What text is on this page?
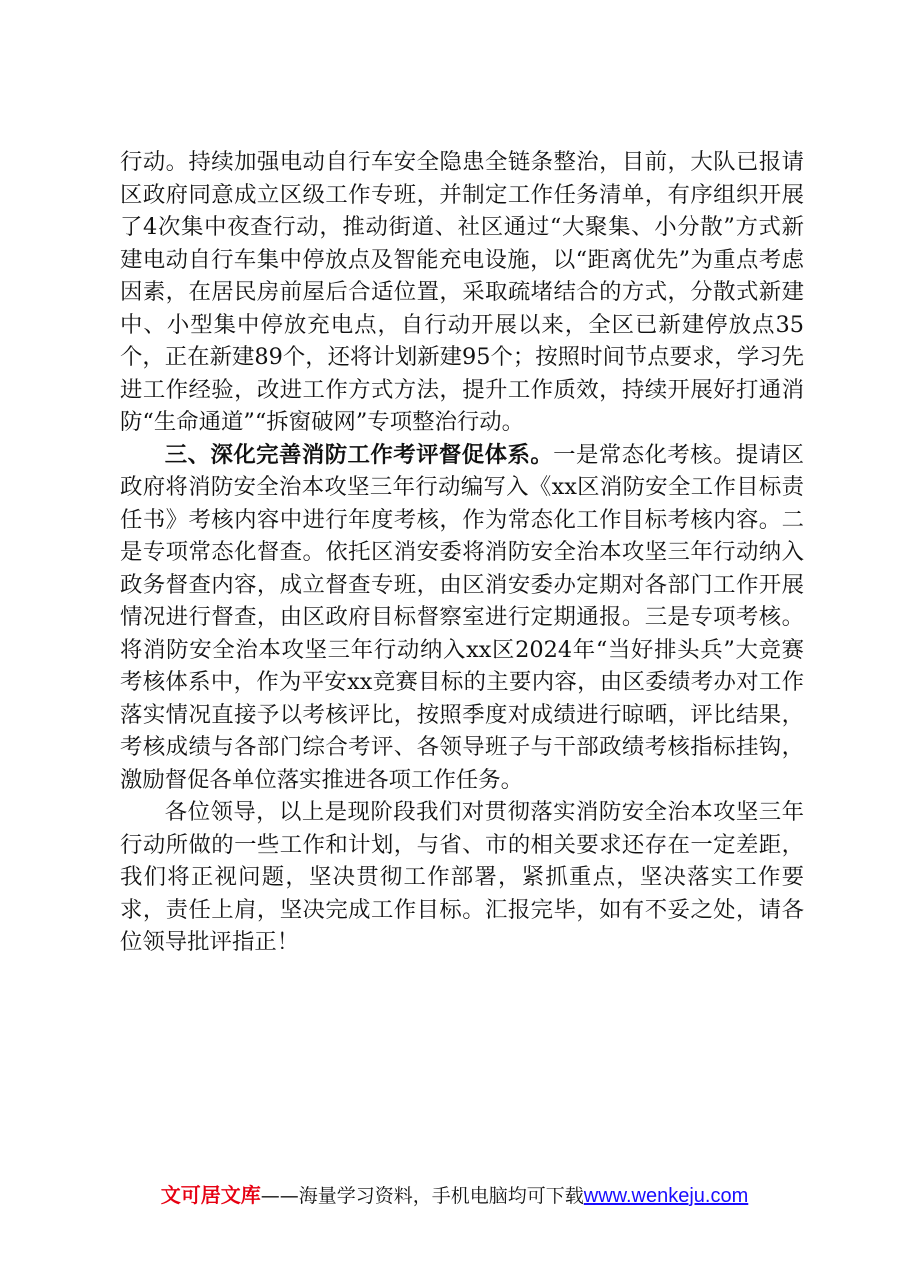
行动。持续加强电动自行车安全隐患全链条整治，目前，大队已报请区政府同意成立区级工作专班，并制定工作任务清单，有序组织开展了4次集中夜查行动，推动街道、社区通过“大聚集、小分散”方式新建电动自行车集中停放点及智能充电设施，以“距离优先”为重点考虑因素，在居民房前屋后合适位置，采取疏堵结合的方式，分散式新建中、小型集中停放充电点，自行动开展以来，全区已新建停放点35个，正在新建89个，还将计划新建95个；按照时间节点要求，学习先进工作经验，改进工作方式方法，提升工作质效，持续开展好打通消防“生命通道”“拆窗破网”专项整治行动。

三、深化完善消防工作考评督促体系。一是常态化考核。提请区政府将消防安全治本攻坚三年行动编写入《xx区消防安全工作目标责任书》考核内容中进行年度考核，作为常态化工作目标考核内容。二是专项常态化督查。依托区消安委将消防安全治本攻坚三年行动纳入政务督查内容，成立督查专班，由区消安委办定期对各部门工作开展情况进行督查，由区政府目标督察室进行定期通报。三是专项考核。将消防安全治本攻坚三年行动纳入xx区2024年“当好排头兵”大竞赛考核体系中，作为平安xx竞赛目标的主要内容，由区委绩考办对工作落实情况直接予以考核评比，按照季度对成绩进行晾晒，评比结果，考核成绩与各部门综合考评、各领导班子与干部政绩考核指标挂钩，激励督促各单位落实推进各项工作任务。

各位领导，以上是现阶段我们对贯彻落实消防安全治本攻坚三年行动所做的一些工作和计划，与省、市的相关要求还存在一定差距，我们将正视问题，坚决贯彻工作部署，紧抓重点，坚决落实工作要求，责任上肩，坚决完成工作目标。汇报完毕，如有不妥之处，请各位领导批评指正！

文可居文库——海量学习资料，手机电脑均可下载www.wenkeju.com
